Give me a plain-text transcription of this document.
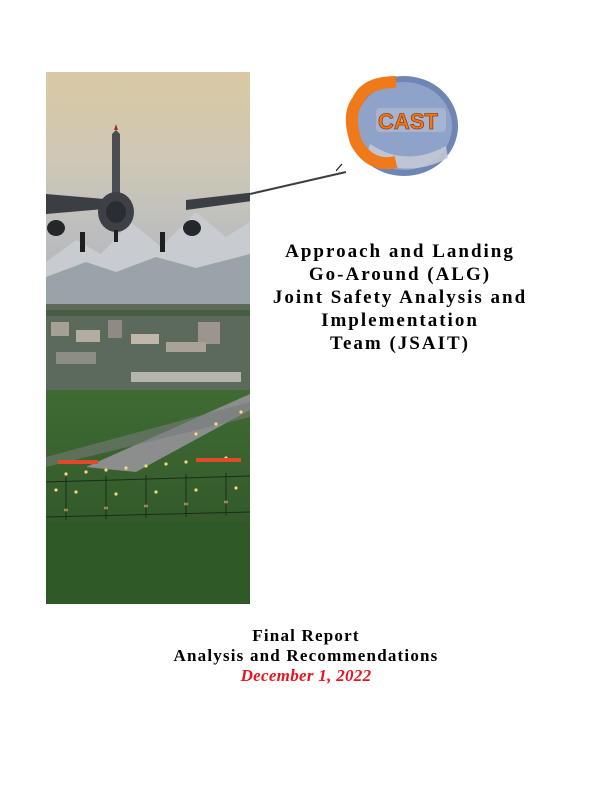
CAST
Approach and Landing
Go-Around (ALG)
Joint Safety Analysis and
Implementation
Team (JSAIT)
Final Report
Analysis and Recommendations
December 1, 2022
